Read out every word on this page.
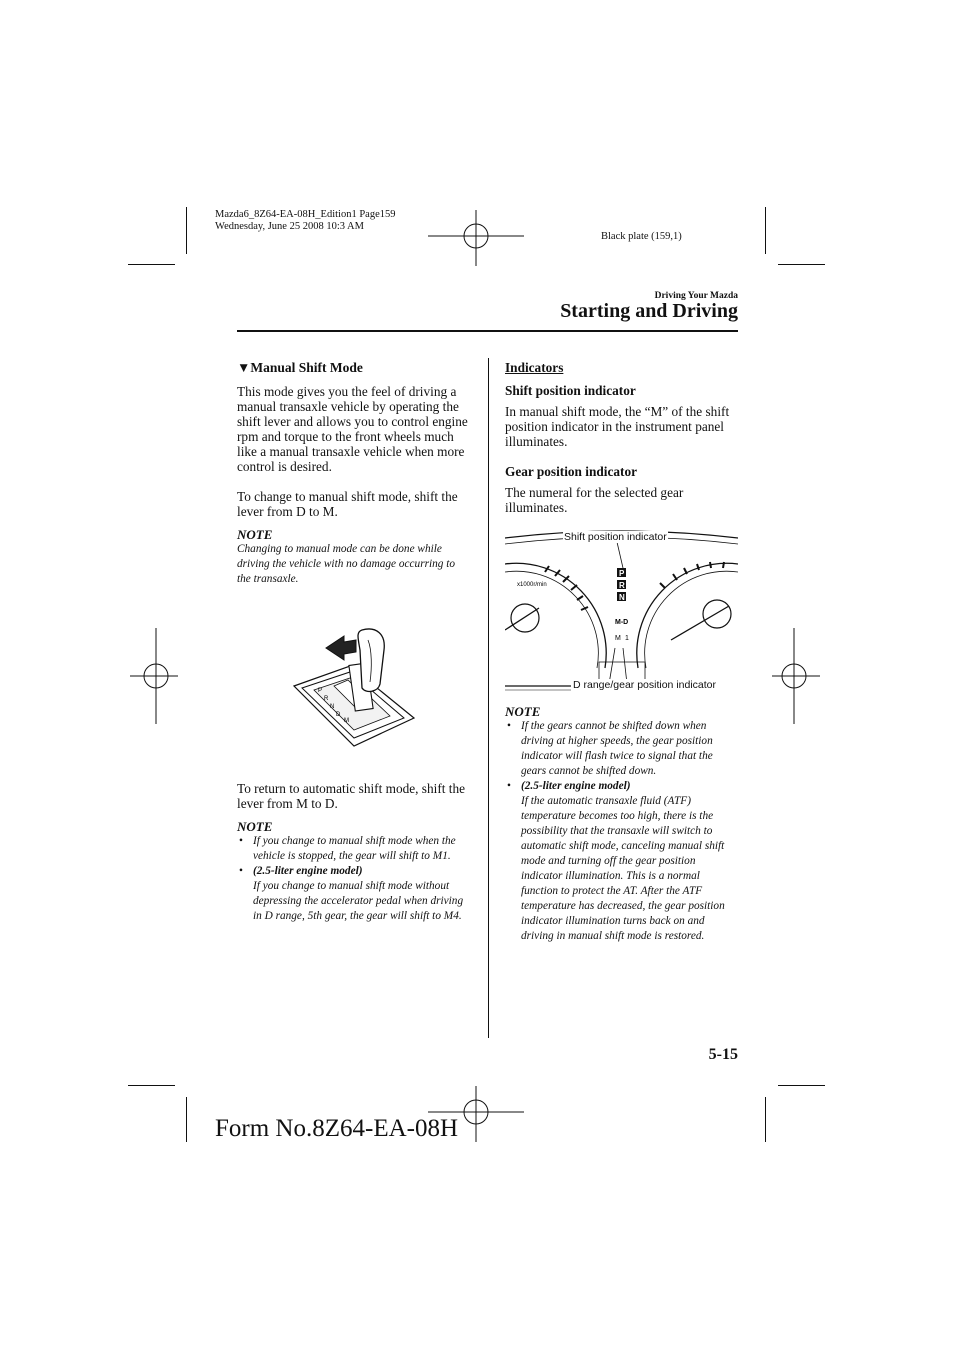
Mazda6_8Z64-EA-08H_Edition1 Page159
Wednesday, June 25 2008 10:3 AM
Black plate (159,1)
Driving Your Mazda
Starting and Driving

▼Manual Shift Mode

This mode gives you the feel of driving a manual transaxle vehicle by operating the shift lever and allows you to control engine rpm and torque to the front wheels much like a manual transaxle vehicle when more control is desired.

To change to manual shift mode, shift the lever from D to M.

NOTE

Changing to manual mode can be done while driving the vehicle with no damage occurring to the transaxle.

P
R
N
D
M

To return to automatic shift mode, shift the lever from M to D.

NOTE

• If you change to manual shift mode when the vehicle is stopped, the gear will shift to M1.
• (2.5-liter engine model)
If you change to manual shift mode without depressing the accelerator pedal when driving in D range, 5th gear, the gear will shift to M4.

Indicators

Shift position indicator

In manual shift mode, the “M” of the shift position indicator in the instrument panel illuminates.

Gear position indicator

The numeral for the selected gear illuminates.

x1000r/min
P
R
N
M-D
M 1
Shift position indicator
D range/gear position indicator

NOTE

• If the gears cannot be shifted down when driving at higher speeds, the gear position indicator will flash twice to signal that the gears cannot be shifted down.
• (2.5-liter engine model)
If the automatic transaxle fluid (ATF) temperature becomes too high, there is the possibility that the transaxle will switch to automatic shift mode, canceling manual shift mode and turning off the gear position indicator illumination. This is a normal function to protect the AT. After the ATF temperature has decreased, the gear position indicator illumination turns back on and driving in manual shift mode is restored.
5-15
Form No.8Z64-EA-08H
